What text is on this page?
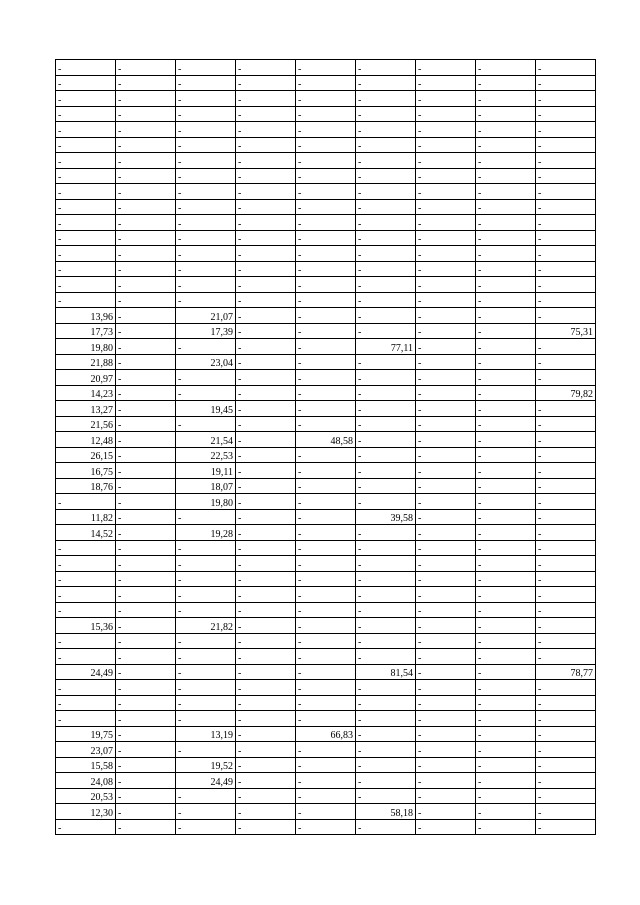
-	-	-	-	-	-	-	-	-
-	-	-	-	-	-	-	-	-
-	-	-	-	-	-	-	-	-
-	-	-	-	-	-	-	-	-
-	-	-	-	-	-	-	-	-
-	-	-	-	-	-	-	-	-
-	-	-	-	-	-	-	-	-
-	-	-	-	-	-	-	-	-
-	-	-	-	-	-	-	-	-
-	-	-	-	-	-	-	-	-
-	-	-	-	-	-	-	-	-
-	-	-	-	-	-	-	-	-
-	-	-	-	-	-	-	-	-
-	-	-	-	-	-	-	-	-
-	-	-	-	-	-	-	-	-
-	-	-	-	-	-	-	-	-
13,96	-	21,07	-	-	-	-	-	-
17,73	-	17,39	-	-	-	-	-	75,31
19,80	-	-	-	-	77,11	-	-	-
21,88	-	23,04	-	-	-	-	-	-
20,97	-	-	-	-	-	-	-	-
14,23	-	-	-	-	-	-	-	79,82
13,27	-	19,45	-	-	-	-	-	-
21,56	-	-	-	-	-	-	-	-
12,48	-	21,54	-	48,58	-	-	-	-
26,15	-	22,53	-	-	-	-	-	-
16,75	-	19,11	-	-	-	-	-	-
18,76	-	18,07	-	-	-	-	-	-
-	-	19,80	-	-	-	-	-	-
11,82	-	-	-	-	39,58	-	-	-
14,52	-	19,28	-	-	-	-	-	-
-	-	-	-	-	-	-	-	-
-	-	-	-	-	-	-	-	-
-	-	-	-	-	-	-	-	-
-	-	-	-	-	-	-	-	-
-	-	-	-	-	-	-	-	-
15,36	-	21,82	-	-	-	-	-	-
-	-	-	-	-	-	-	-	-
-	-	-	-	-	-	-	-	-
24,49	-	-	-	-	81,54	-	-	78,77
-	-	-	-	-	-	-	-	-
-	-	-	-	-	-	-	-	-
-	-	-	-	-	-	-	-	-
19,75	-	13,19	-	66,83	-	-	-	-
23,07	-	-	-	-	-	-	-	-
15,58	-	19,52	-	-	-	-	-	-
24,08	-	24,49	-	-	-	-	-	-
20,53	-	-	-	-	-	-	-	-
12,30	-	-	-	-	58,18	-	-	-
-	-	-	-	-	-	-	-	-
